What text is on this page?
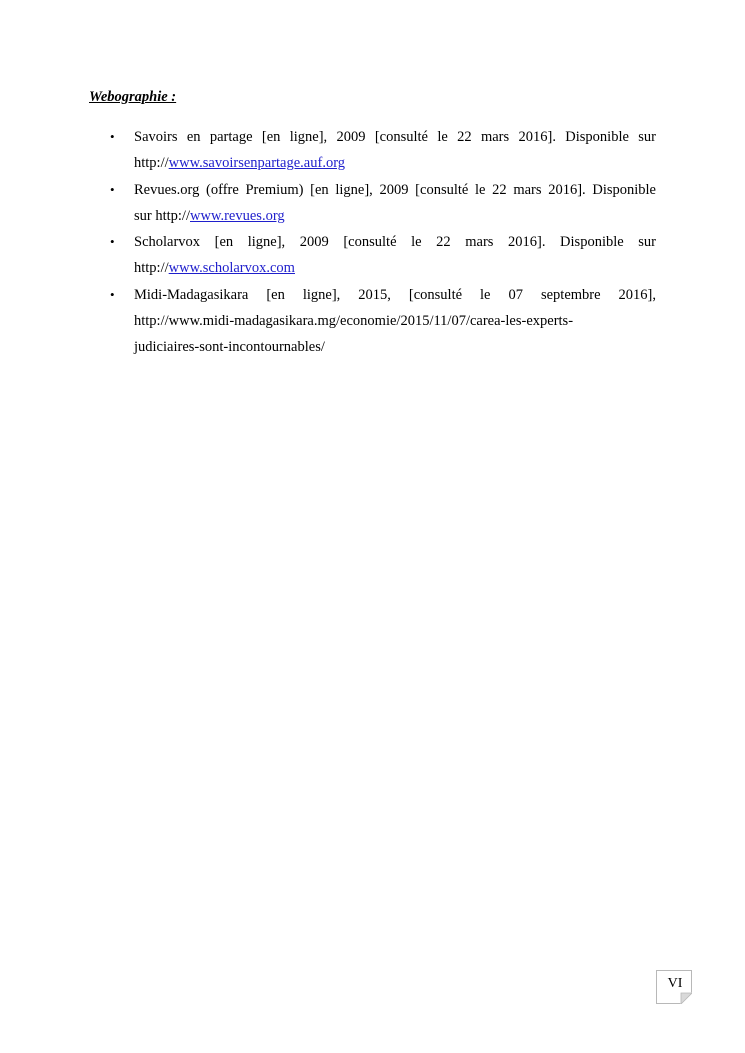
Webographie :
• Savoirs en partage [en ligne], 2009 [consulté le 22 mars 2016]. Disponible sur
http://www.savoirsenpartage.auf.org
• Revues.org (offre Premium) [en ligne], 2009 [consulté le 22 mars 2016]. Disponible
sur http://www.revues.org
• Scholarvox [en ligne], 2009 [consulté le 22 mars 2016]. Disponible sur
http://www.scholarvox.com
• Midi-Madagasikara [en ligne], 2015, [consulté le 07 septembre 2016],
http://www.midi-madagasikara.mg/economie/2015/11/07/carea-les-experts-
judiciaires-sont-incontournables/
VI
